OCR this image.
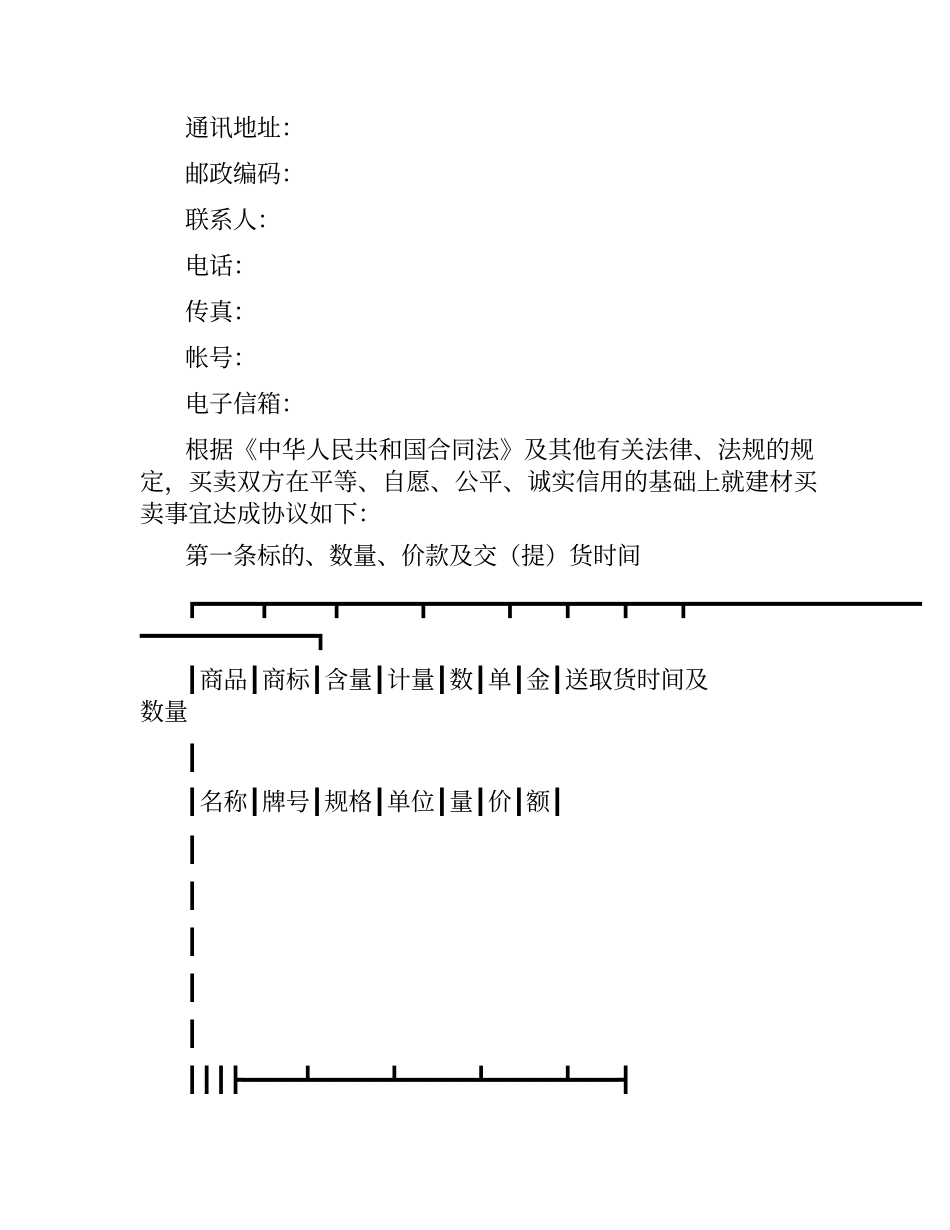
通讯地址：
邮政编码：
联系人：
电话：
传真：
帐号：
电子信箱：
根据《中华人民共和国合同法》及其他有关法律、法规的规定，买卖双方在平等、自愿、公平、诚实信用的基础上就建材买卖事宜达成协议如下：
第一条标的、数量、价款及交（提）货时间
┏━━━━┳━━━━┳━━━━━┳━━━━━┳━━━┳━━━┳━━━┳━━━━━━━━━━━━━━━━
━━━━━━━━━━━━┓
┃商品┃商标┃含量┃计量┃数┃单┃金┃送取货时间及
数量
┃
┃名称┃牌号┃规格┃单位┃量┃价┃额┃
┃
┃
┃
┃
┃
┃┃┃┣━━━━┻━━━━━┻━━━━━┻━━━━━┻━━━┫
